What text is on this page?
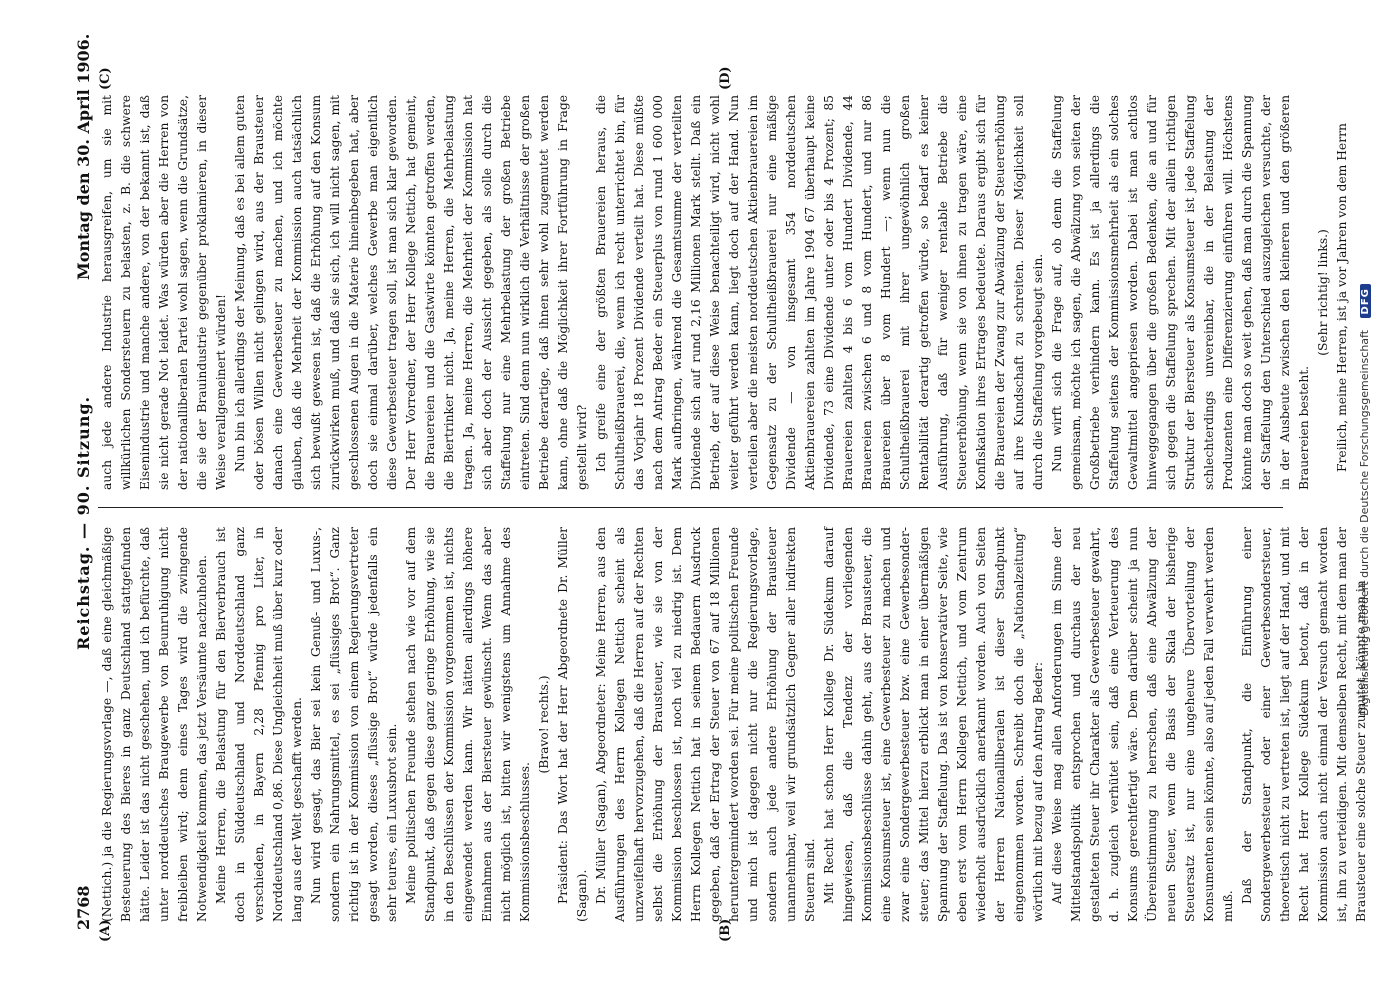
2768
Reichstag. — 90. Sitzung.
Montag den 30. April 1906.
(A)	(B)
(C)	(D)

(Nettich.) ja die Regierungsvorlage —, daß eine gleichmäßige Besteuerung des Bieres in ganz Deutschland stattgefunden hätte. Leider ist das nicht geschehen, und ich befürchte, daß unter norddeutsches Braugewerbe von Beunruhigung nicht freibleiben wird; denn eines Tages wird die zwingende Notwendigkeit kommen, das jetzt Versäumte nachzuholen. Meine Herren, die Belastung für den Bierverbrauch ist doch in Süddeutschland und Norddeutschland ganz verschieden, in Bayern 2,28 Pfennig pro Liter, in Norddeutschland 0,86. Diese Ungleichheit muß über kurz oder lang aus der Welt geschafft werden. Nun wird gesagt, das Bier sei kein Genuß- und Luxus-, sondern ein Nahrungsmittel, es sei „flüssiges Brot“. Ganz richtig ist in der Kommission von einem Regierungsvertreter gesagt worden, dieses „flüssige Brot“ würde jedenfalls ein sehr teures, ein Luxusbrot sein. Meine politischen Freunde stehen nach wie vor auf dem Standpunkt, daß gegen diese ganz geringe Erhöhung, wie sie in den Beschlüssen der Kommission vorgenommen ist, nichts eingewendet werden kann. Wir hätten allerdings höhere Einnahmen aus der Biersteuer gewünscht. Wenn das aber nicht möglich ist, bitten wir wenigstens um Annahme des Kommissionsbeschlusses.

(Bravo! rechts.) Präsident: Das Wort hat der Herr Abgeordnete Dr. Müller (Sagan). Dr. Müller (Sagan), Abgeordneter: Meine Herren, aus den Ausführungen des Herrn Kollegen Nettich scheint als unzweifelhaft hervorzugehen, daß die Herren auf der Rechten selbst die Erhöhung der Brausteuer, wie sie von der Kommission beschlossen ist, noch viel zu niedrig ist. Dem Herrn Kollegen Nettich hat in seinem Bedauern Ausdruck gegeben, daß der Ertrag der Steuer von 67 auf 18 Millionen heruntergemindert worden sei. Für meine politischen Freunde und mich ist dagegen nicht nur die Regierungsvorlage, sondern auch jede andere Erhöhung der Brausteuer unannehmbar, weil wir grundsätzlich Gegner aller indirekten Steuern sind. Mit Recht hat schon Herr Kollege Dr. Südekum darauf hingewiesen, daß die Tendenz der vorliegenden Kommissionsbeschlüsse dahin geht, aus der Brausteuer, die eine Konsumsteuer ist, eine Gewerbesteuer zu machen und zwar eine Sondergewerbesteuer bzw. eine Gewerbesonder-steuer; das Mittel hierzu erblickt man in einer übermäßigen Spannung der Staffelung. Das ist von konservativer Seite, wie eben erst vom Herrn Kollegen Nettich, und vom Zentrum wiederholt ausdrücklich anerkannt worden. Auch von Seiten der Herren Nationalliberalen ist dieser Standpunkt eingenommen worden. Schreibt doch die „Nationalzeitung“ wörtlich mit bezug auf den Antrag Beder: Auf diese Weise mag allen Anforderungen im Sinne der Mittelstandspolitik entsprochen und durchaus der neu gestalteten Steuer ihr Charakter als Gewerbesteuer gewahrt, d. h. zugleich verhütet sein, daß eine Verteuerung des Konsums gerechtfertigt wäre. Dem darüber scheint ja nun Übereinstimmung zu herrschen, daß eine Abwälzung der neuen Steuer, wenn die Basis der Skala der bisherige Steuersatz ist, nur eine ungeheure Übervorteilung der Konsumenten sein könnte, also auf jeden Fall verwehrt werden muß.

Daß der Standpunkt, die Einführung einer Sondergewerbesteuer oder einer Gewerbesondersteuer, theoretisch nicht zu vertreten ist, liegt auf der Hand, und mit Recht hat Herr Kollege Südekum betont, daß in der Kommission auch nicht einmal der Versuch gemacht worden ist, ihn zu verteidigen. Mit demselben Recht, mit dem man der Brausteuer eine solche Steuer zumutet, könnte man in

auch jede andere Industrie herausgreifen, um sie mit willkürlichen Sondersteuern zu belasten, z. B. die schwere Eisenindustrie und manche andere, von der bekannt ist, daß sie nicht gerade Not leidet. Was würden aber die Herren von der nationalliberalen Partei wohl sagen, wenn die Grundsätze, die sie der Brauindustrie gegenüber proklamieren, in dieser Weise verallgemeinert würden! Nun bin ich allerdings der Meinung, daß es bei allem guten oder bösen Willen nicht gelingen wird, aus der Brausteuer danach eine Gewerbesteuer zu machen, und ich möchte glauben, daß die Mehrheit der Kommission auch tatsächlich sich bewußt gewesen ist, daß die Erhöhung auf den Konsum zurückwirken muß, und daß sie sich, ich will nicht sagen, mit geschlossenen Augen in die Materie hineinbegeben hat, aber doch sie einmal darüber, welches Gewerbe man eigentlich diese Gewerbesteuer tragen soll, ist man sich klar geworden. Der Herr Vorredner, der Herr Kollege Nettich, hat gemeint, die Brauereien und die Gastwirte könnten getroffen werden, die Biertrinker nicht. Ja, meine Herren, die Mehrbelastung tragen. Ja, meine Herren, die Mehrheit der Kommission hat sich aber doch der Aussicht gegeben, als solle durch die Staffelung nur eine Mehrbelastung der großen Betriebe eintreten. Sind denn nun wirklich die Verhältnisse der großen Betriebe derartige, daß ihnen sehr wohl zugemutet werden kann, ohne daß die Möglichkeit ihrer Fortführung in Frage gestellt wird? Ich greife eine der größten Brauereien heraus, die Schultheißbrauerei, die, wenn ich recht unterrichtet bin, für das Vorjahr 18 Prozent Dividende verteilt hat. Diese müßte nach dem Antrag Beder ein Steuerplus von rund 1 600 000 Mark aufbringen, während die Gesamtsumme der verteilten Dividende sich auf rund 2,16 Millionen Mark stellt. Daß ein Betrieb, der auf diese Weise benachteiligt wird, nicht wohl weiter geführt werden kann, liegt doch auf der Hand. Nun verteilen aber die meisten norddeutschen Aktienbrauereien im Gegensatz zu der Schultheißbrauerei nur eine mäßige Dividende — von insgesamt 354 norddeutschen Aktienbrauereien zahlten im Jahre 1904 67 überhaupt keine Dividende, 73 eine Dividende unter oder bis 4 Prozent; 85 Brauereien zahlten 4 bis 6 vom Hundert Dividende, 44 Brauereien zwischen 6 und 8 vom Hundert, und nur 86 Brauereien über 8 vom Hundert —; wenn nun die Schultheißbrauerei mit ihrer ungewöhnlich großen Rentabilität derartig getroffen würde, so bedarf es keiner Ausführung, daß für weniger rentable Betriebe die Steuererhöhung, wenn sie von ihnen zu tragen wäre, eine Konfiskation ihres Ertrages bedeutete. Daraus ergibt sich für die Brauereien der Zwang zur Abwälzung der Steuererhöhung auf ihre Kundschaft zu schreiten. Dieser Möglichkeit soll durch die Staffelung vorgebeugt sein. Nun wirft sich die Frage auf, ob denn die Staffelung gemeinsam, möchte ich sagen, die Abwälzung von seiten der Großbetriebe verhindern kann. Es ist ja allerdings die Staffelung seitens der Kommissionsmehrheit als ein solches Gewaltmittel angepriesen worden. Dabei ist man achtlos hinweggegangen über die großen Bedenken, die an und für sich gegen die Staffelung sprechen. Mit der allein richtigen Struktur der Biersteuer als Konsumsteuer ist jede Staffelung schlechterdings unvereinbar, die in der Belastung der Produzenten eine Differenzierung einführen will. Höchstens könnte man doch so weit gehen, daß man durch die Spannung der Staffelung den Unterschied auszugleichen versuchte, der in der Ausbeute zwischen den kleineren und den größeren Brauereien besteht.

(Sehr richtig! links.) Freilich, meine Herren, ist ja vor Jahren von dem Herrn

Digitalisierung gefördert durch die Deutsche Forschungsgemeinschaft DFG
